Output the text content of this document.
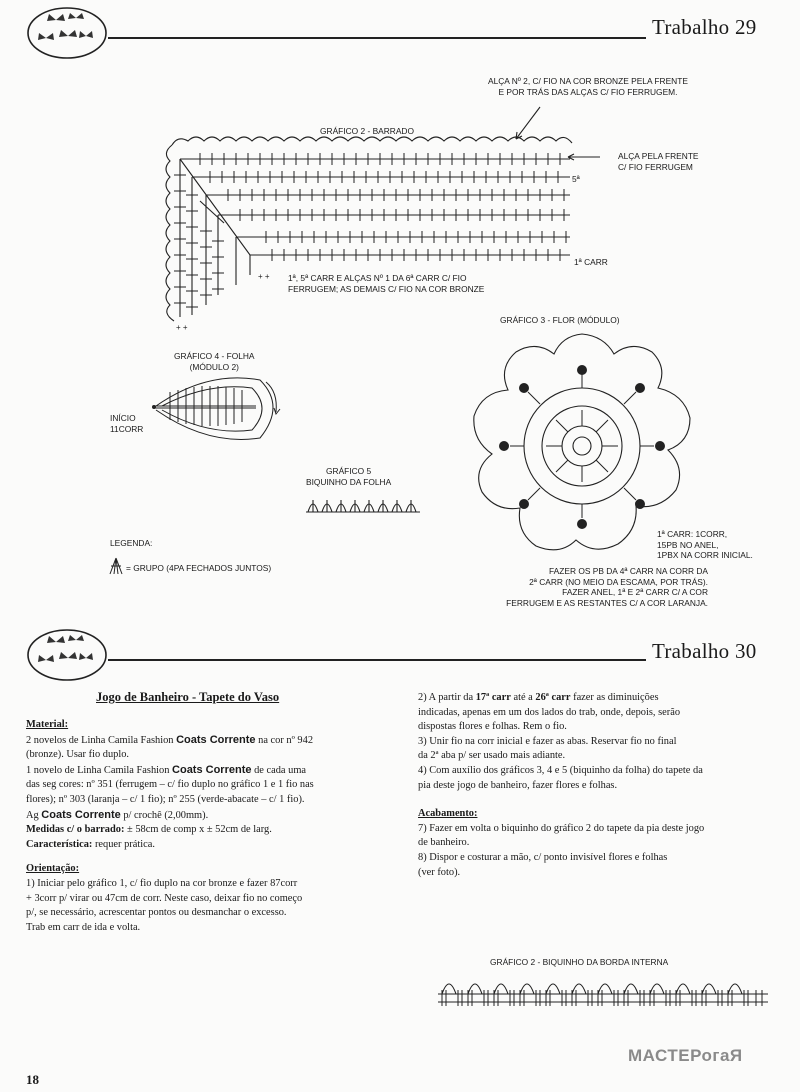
Trabalho 29
ALÇA Nº 2, C/ FIO NA COR BRONZE PELA FRENTE
E POR TRÁS DAS ALÇAS C/ FIO FERRUGEM.
GRÁFICO 2 - BARRADO
+ +
+ +
ALÇA PELA FRENTE
C/ FIO FERRUGEM
5ª
1ª CARR
1ª, 5ª CARR E ALÇAS Nº 1 DA 6ª CARR C/ FIO
FERRUGEM; AS DEMAIS C/ FIO NA COR BRONZE
GRÁFICO 4 - FOLHA
(MÓDULO 2)
INÍCIO
11CORR
GRÁFICO 5
BIQUINHO DA FOLHA
LEGENDA:
= GRUPO (4PA FECHADOS JUNTOS)
GRÁFICO 3 - FLOR (MÓDULO)
1ª CARR: 1CORR,
15PB NO ANEL,
1PBX NA CORR INICIAL.
FAZER OS PB DA 4ª CARR NA CORR DA
2ª CARR (NO MEIO DA ESCAMA, POR TRÁS).
FAZER ANEL, 1ª E 2ª CARR C/ A COR
FERRUGEM E AS RESTANTES C/ A COR LARANJA.
Trabalho 30
Jogo de Banheiro - Tapete do Vaso

Material:

2 novelos de Linha Camila Fashion Coats Corrente na cor nº 942

(bronze). Usar fio duplo.

1 novelo de Linha Camila Fashion Coats Corrente de cada uma

das seg cores: nº 351 (ferrugem – c/ fio duplo no gráfico 1 e 1 fio nas

flores); nº 303 (laranja – c/ 1 fio); nº 255 (verde-abacate – c/ 1 fio).

Ag Coats Corrente p/ crochê (2,00mm).

Medidas c/ o barrado: ± 58cm de comp x ± 52cm de larg.

Característica: requer prática.

Orientação:

1) Iniciar pelo gráfico 1, c/ fio duplo na cor bronze e fazer 87corr

+ 3corr p/ virar ou 47cm de corr. Neste caso, deixar fio no começo

p/, se necessário, acrescentar pontos ou desmanchar o excesso.

Trab em carr de ida e volta.

2) A partir da 17ª carr até a 26ª carr fazer as diminuições

indicadas, apenas em um dos lados do trab, onde, depois, serão

dispostas flores e folhas. Rem o fio.

3) Unir fio na corr inicial e fazer as abas. Reservar fio no final

da 2ª aba p/ ser usado mais adiante.

4) Com auxílio dos gráficos 3, 4 e 5 (biquinho da folha) do tapete da

pia deste jogo de banheiro, fazer flores e folhas.

Acabamento:

7) Fazer em volta o biquinho do gráfico 2 do tapete da pia deste jogo

de banheiro.

8) Dispor e costurar a mão, c/ ponto invisível flores e folhas

(ver foto).

GRÁFICO 2 - BIQUINHO DA BORDA INTERNA
18
МАСТЕРогаЯ
